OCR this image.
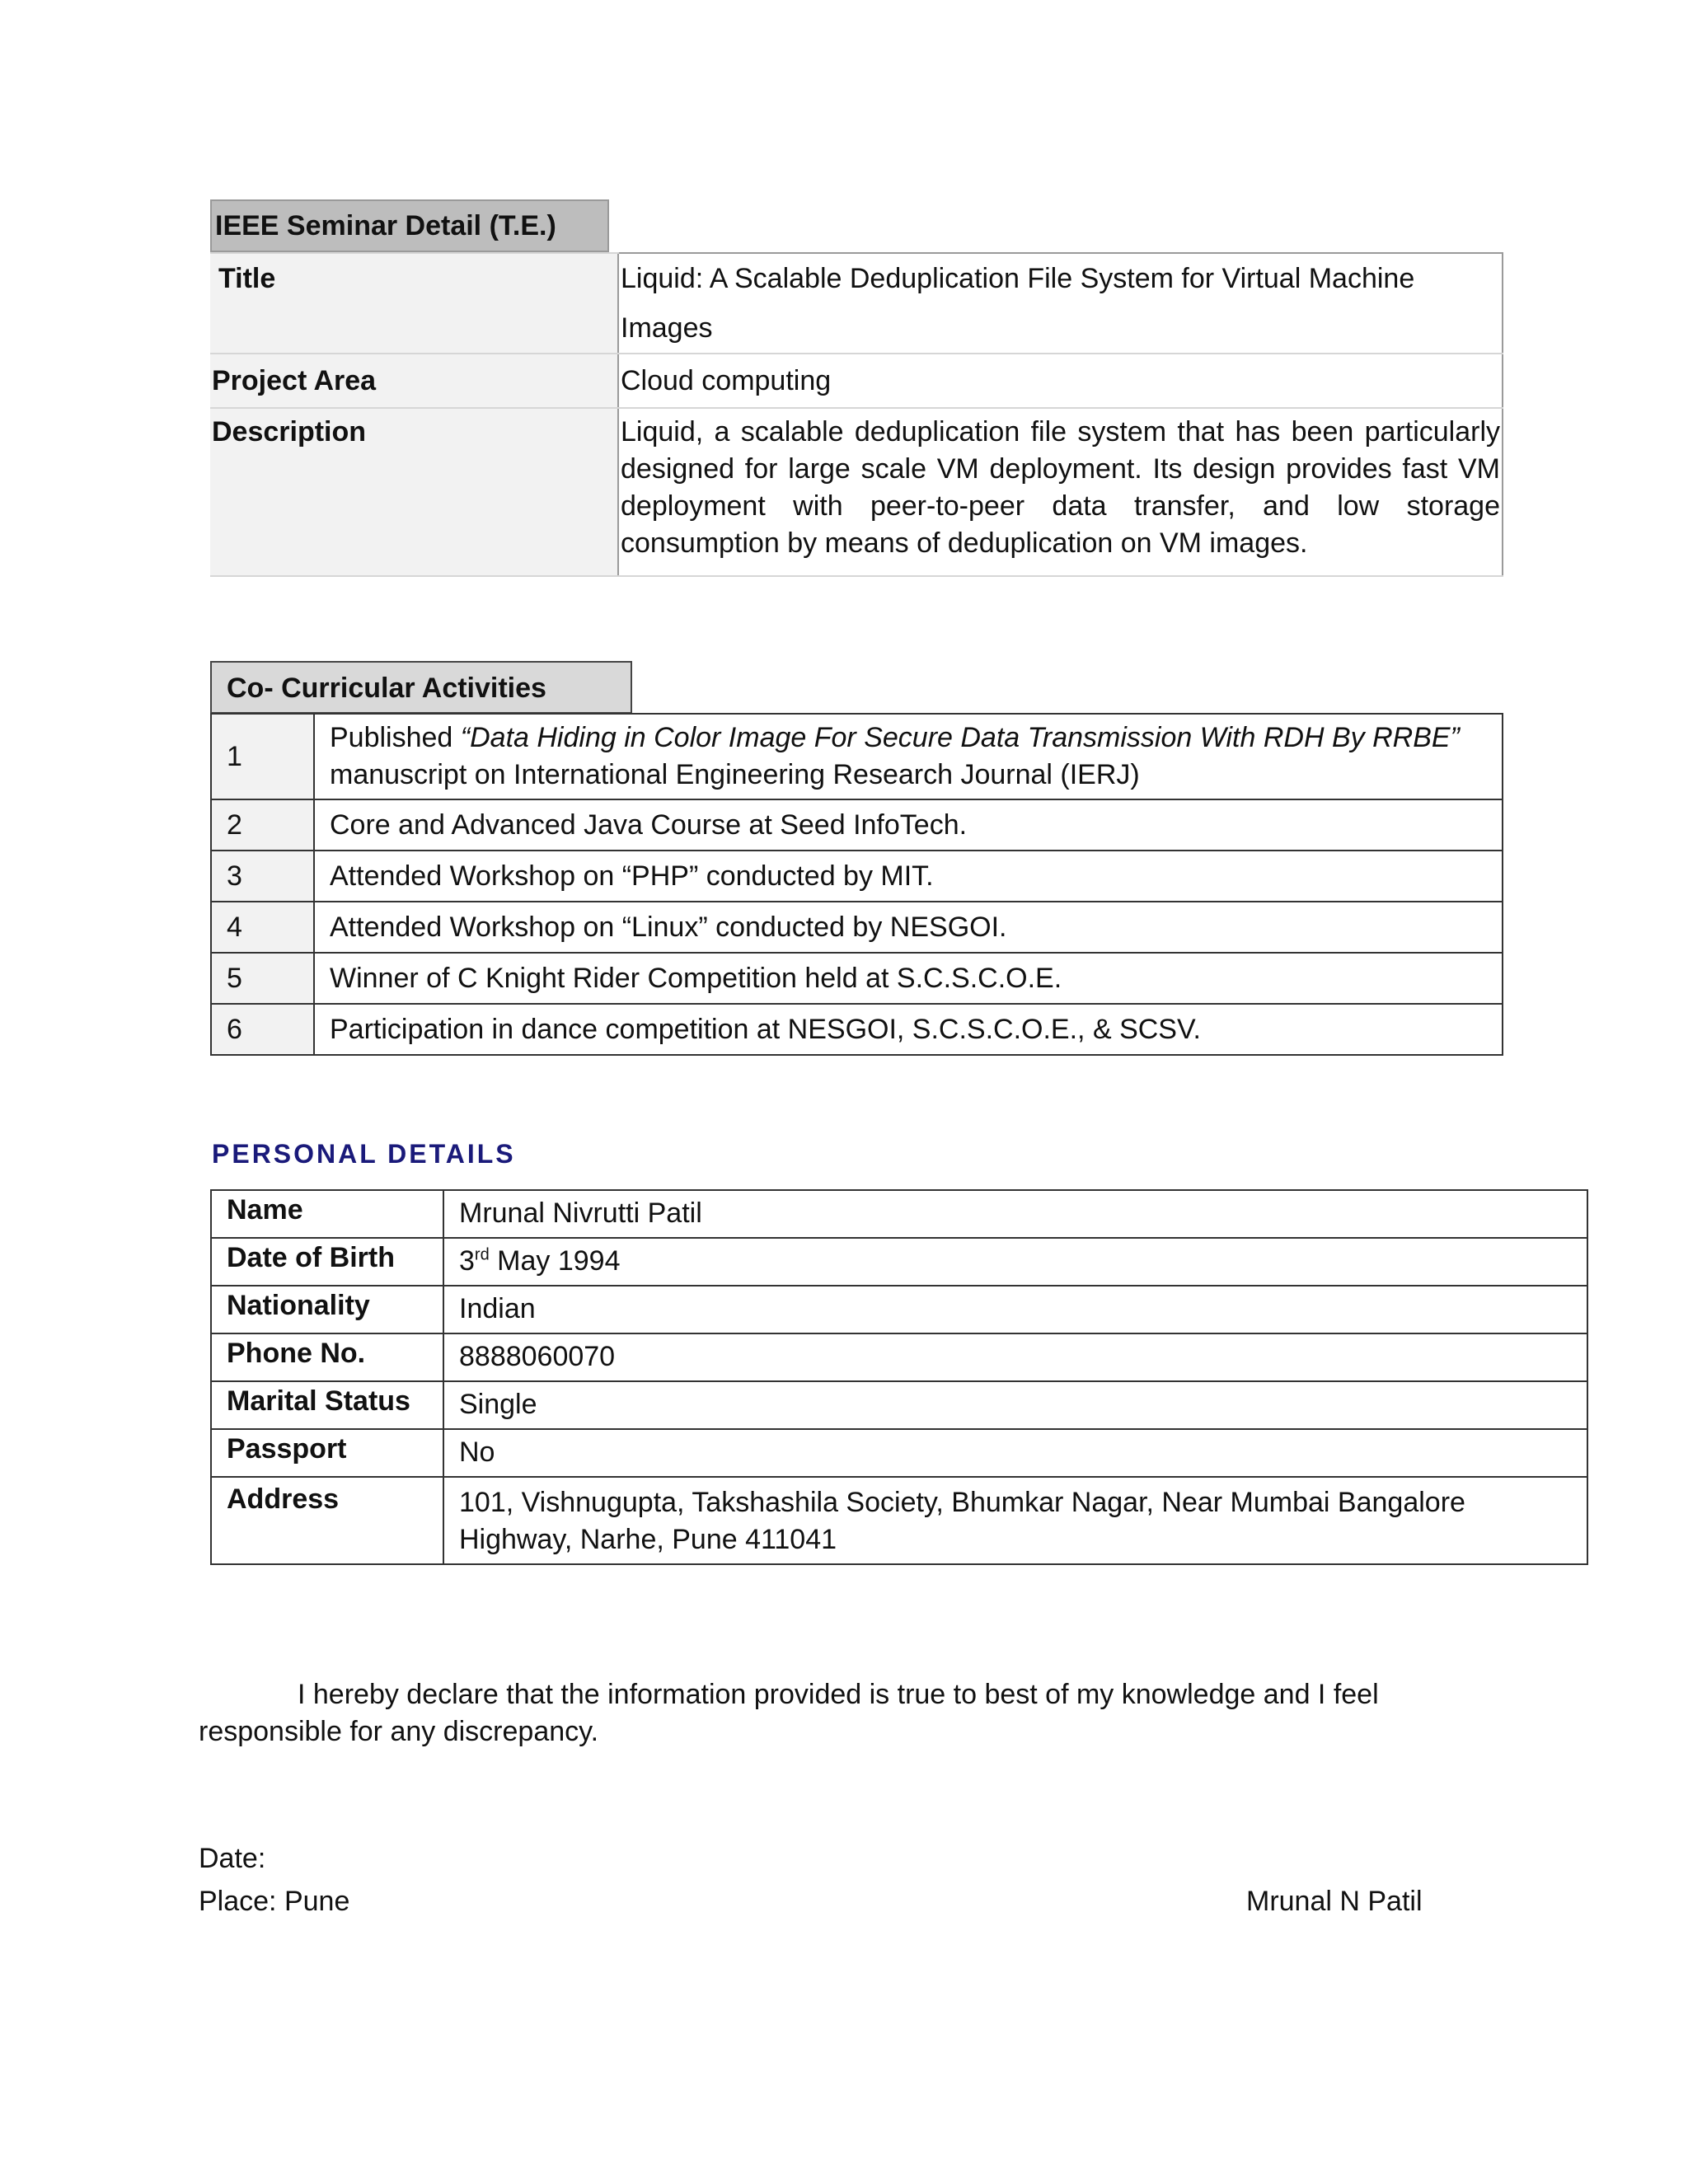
IEEE Seminar Detail (T.E.)
Title	Liquid: A Scalable Deduplication File System for Virtual Machine Images
Project Area	Cloud computing
Description	Liquid, a scalable deduplication file system that has been particularly designed for large scale VM deployment. Its design provides fast VM deployment with peer-to-peer data transfer, and low storage consumption by means of deduplication on VM images.
Co- Curricular Activities
1	Published “Data Hiding in Color Image For Secure Data Transmission With RDH By RRBE”
manuscript on International Engineering Research Journal (IERJ)
2	Core and Advanced Java Course at Seed InfoTech.
3	Attended Workshop on “PHP” conducted by MIT.
4	Attended Workshop on “Linux” conducted by NESGOI.
5	Winner of C Knight Rider Competition held at S.C.S.C.O.E.
6	Participation in dance competition at NESGOI, S.C.S.C.O.E., & SCSV.
PERSONAL DETAILS
Name	Mrunal Nivrutti Patil
Date of Birth	3rd May 1994
Nationality	Indian
Phone No.	8888060070
Marital Status	Single
Passport	No
Address	101, Vishnugupta, Takshashila Society, Bhumkar Nagar, Near Mumbai Bangalore Highway, Narhe, Pune 411041
I hereby declare that the information provided is true to best of my knowledge and I feel
responsible for any discrepancy.
Date:
Place: Pune	Mrunal N Patil
